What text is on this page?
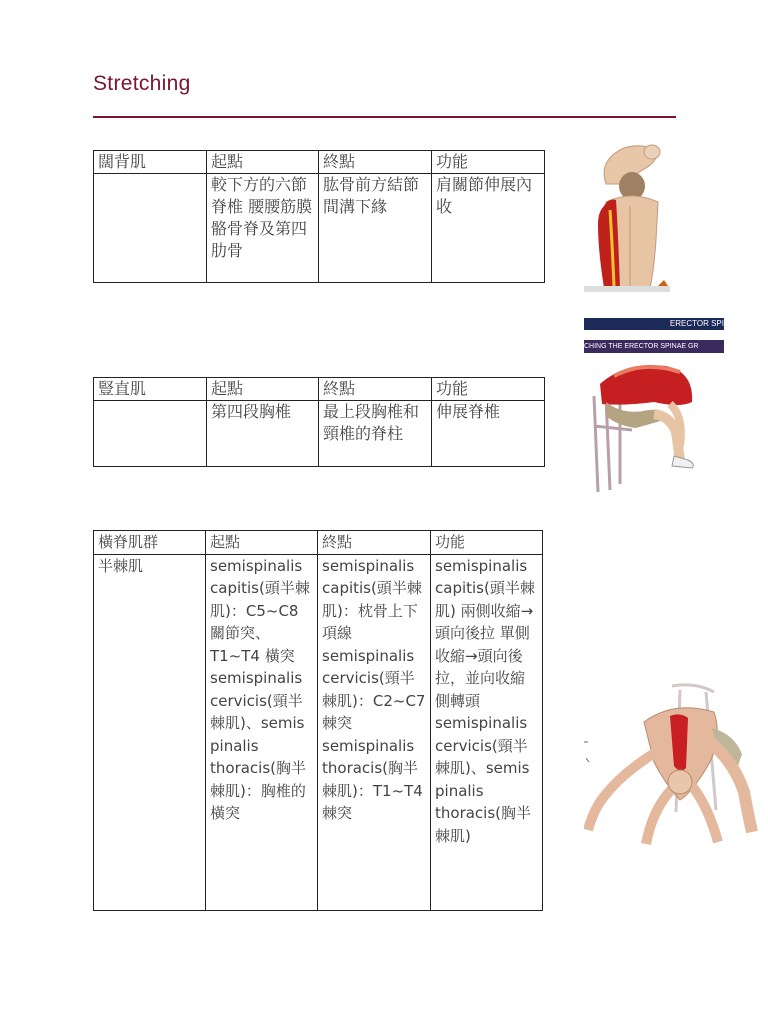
Stretching
闊背肌	起點	終點	功能
	較下方的六節脊椎 腰腰筋膜 骼骨脊及第四肋骨	肱骨前方結節間溝下緣	肩關節伸展內收
豎直肌	起點	終點	功能
	第四段胸椎	最上段胸椎和頸椎的脊柱	伸展脊椎
橫脊肌群	起點	終點	功能
半棘肌	semispinalis capitis(頭半棘肌)：C5~C8 關節突、T1~T4 橫突 semispinalis cervicis(頸半棘肌)、semis pinalis thoracis(胸半棘肌)：胸椎的橫突	semispinalis capitis(頭半棘肌)：枕骨上下項線 semispinalis cervicis(頸半棘肌)：C2~C7 棘突 semispinalis thoracis(胸半棘肌)：T1~T4 棘突	semispinalis capitis(頭半棘肌) 兩側收縮→頭向後拉 單側收縮→頭向後拉，並向收縮側轉頭 semispinalis cervicis(頸半棘肌)、semis pinalis thoracis(胸半棘肌)
ERECTOR SPI
CHING THE ERECTOR SPINAE GR
